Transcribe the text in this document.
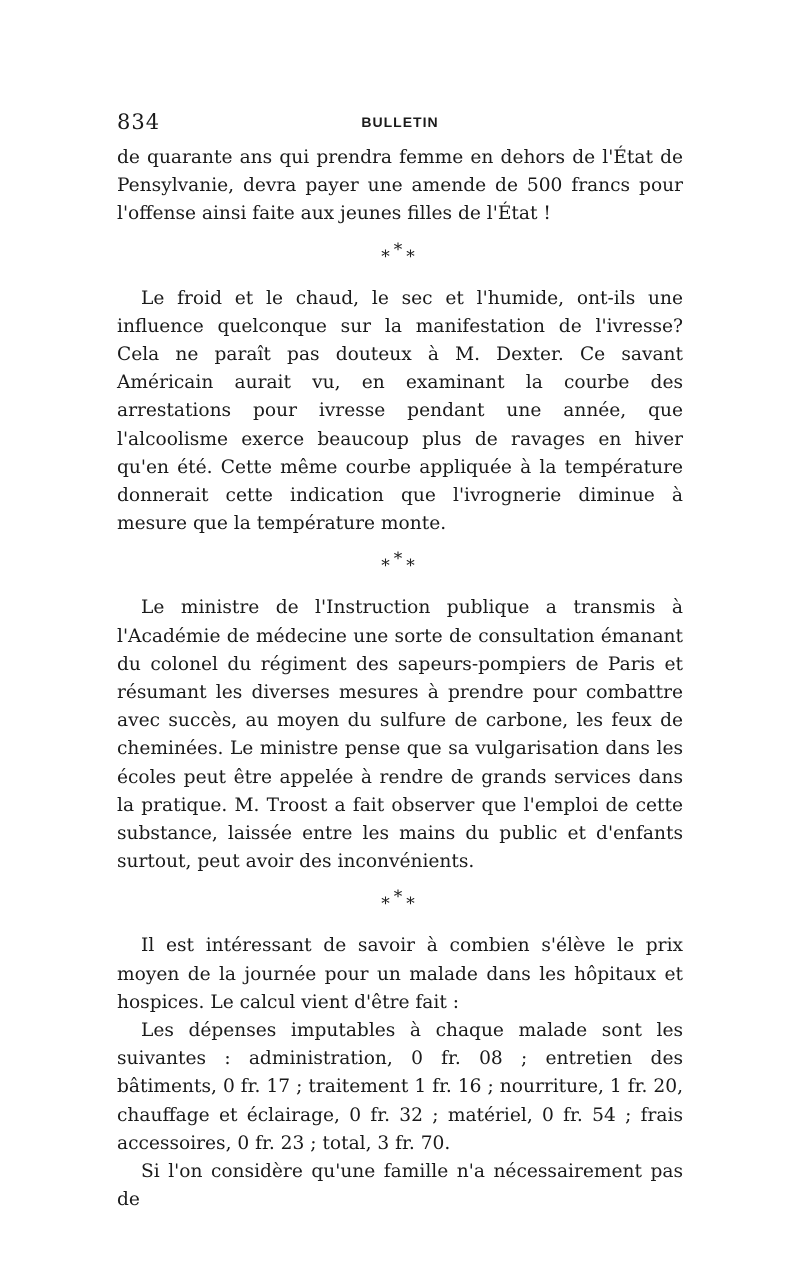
834	BULLETIN

de quarante ans qui prendra femme en dehors de l'État de Pensylvanie, devra payer une amende de 500 francs pour l'offense ainsi faite aux jeunes filles de l'État !

* * *

Le froid et le chaud, le sec et l'humide, ont-ils une influence quelconque sur la manifestation de l'ivresse? Cela ne paraît pas douteux à M. Dexter. Ce savant Américain aurait vu, en examinant la courbe des arrestations pour ivresse pendant une année, que l'alcoolisme exerce beaucoup plus de ravages en hiver qu'en été. Cette même courbe appliquée à la température donnerait cette indication que l'ivrognerie diminue à mesure que la température monte.

* * *

Le ministre de l'Instruction publique a transmis à l'Académie de médecine une sorte de consultation émanant du colonel du régiment des sapeurs-pompiers de Paris et résumant les diverses mesures à prendre pour combattre avec succès, au moyen du sulfure de carbone, les feux de cheminées. Le ministre pense que sa vulgarisation dans les écoles peut être appelée à rendre de grands services dans la pratique. M. Troost a fait observer que l'emploi de cette substance, laissée entre les mains du public et d'enfants surtout, peut avoir des inconvénients.

* * *

Il est intéressant de savoir à combien s'élève le prix moyen de la journée pour un malade dans les hôpitaux et hospices. Le calcul vient d'être fait :

Les dépenses imputables à chaque malade sont les suivantes : administration, 0 fr. 08 ; entretien des bâtiments, 0 fr. 17 ; traitement 1 fr. 16 ; nourriture, 1 fr. 20, chauffage et éclairage, 0 fr. 32 ; matériel, 0 fr. 54 ; frais accessoires, 0 fr. 23 ; total, 3 fr. 70.

Si l'on considère qu'une famille n'a nécessairement pas de
